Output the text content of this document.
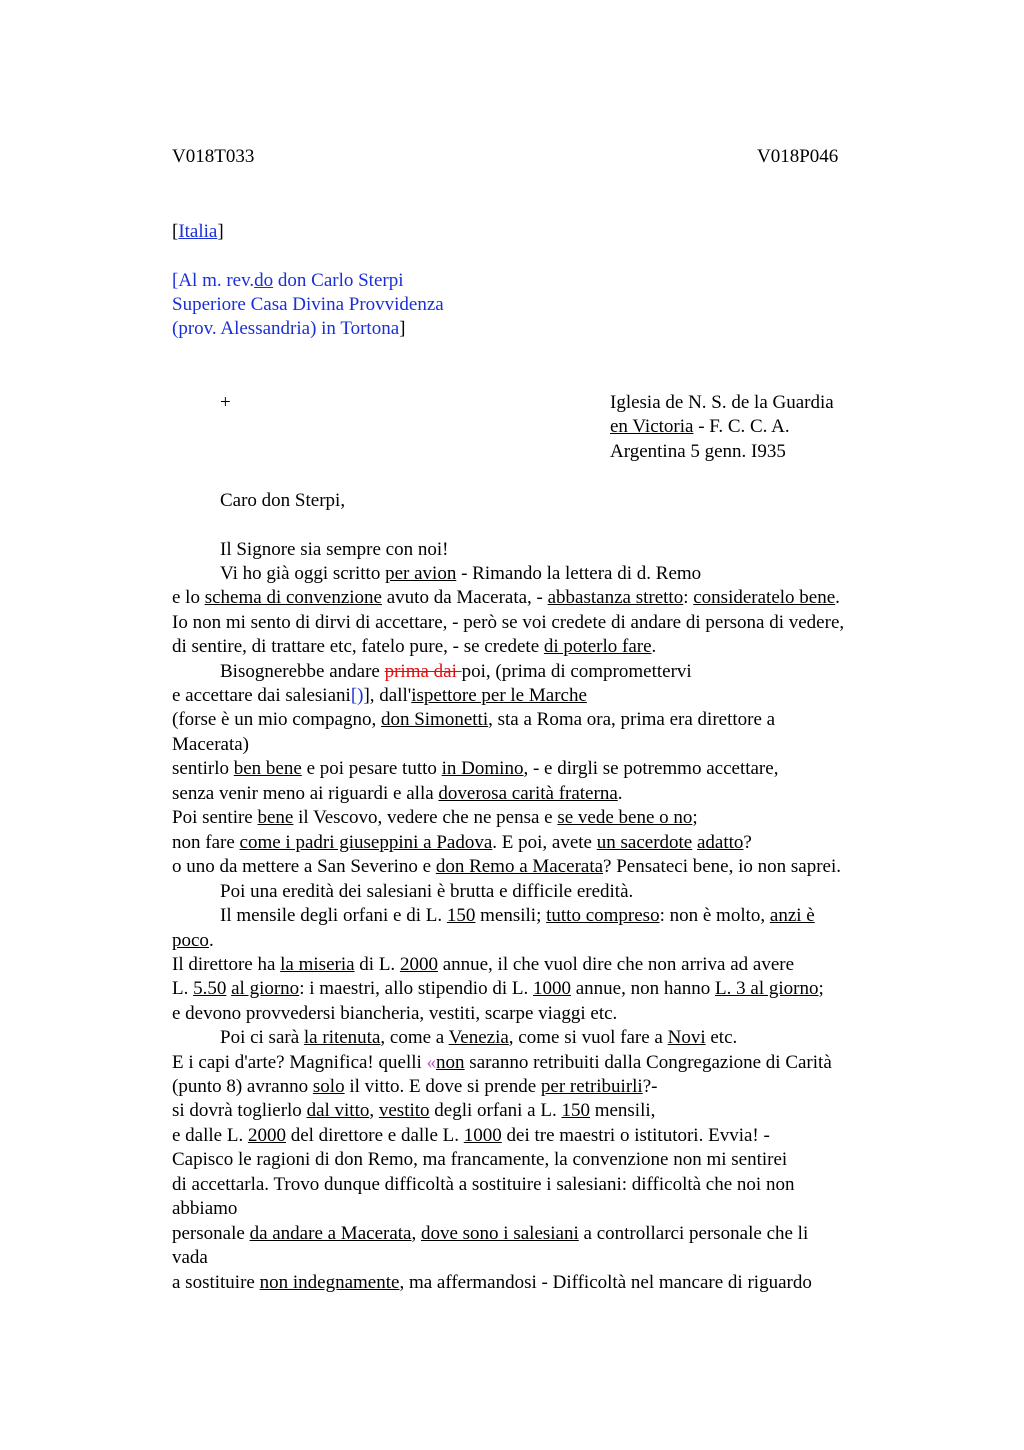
V018T033	V018P046
[Italia]
[Al m. rev.do don Carlo Sterpi
Superiore Casa Divina Provvidenza
(prov. Alessandria) in Tortona]
+	Iglesia de N. S. de la Guardia
en Victoria - F. C. C. A.
Argentina 5 genn. I935
Caro don Sterpi,
Il Signore sia sempre con noi!
Vi ho già oggi scritto per avion - Rimando la lettera di d. Remo
e lo schema di convenzione avuto da Macerata, - abbastanza stretto: consideratelo bene.
Io non mi sento di dirvi di accettare, - però se voi credete di andare di persona di vedere,
di sentire, di trattare etc, fatelo pure, - se credete di poterlo fare.
Bisognerebbe andare prima dai poi, (prima di compromettervi
e accettare dai salesiani[)], dall'ispettore per le Marche
(forse è un mio compagno, don Simonetti, sta a Roma ora, prima era direttore a
Macerata)
sentirlo ben bene e poi pesare tutto in Domino, - e dirgli se potremmo accettare,
senza venir meno ai riguardi e alla doverosa carità fraterna.
Poi sentire bene il Vescovo, vedere che ne pensa e se vede bene o no;
non fare come i padri giuseppini a Padova. E poi, avete un sacerdote adatto?
o uno da mettere a San Severino e don Remo a Macerata? Pensateci bene, io non saprei.
Poi una eredità dei salesiani è brutta e difficile eredità.
Il mensile degli orfani e di L. 150 mensili; tutto compreso: non è molto, anzi è
poco.
Il direttore ha la miseria di L. 2000 annue, il che vuol dire che non arriva ad avere
L. 5.50 al giorno: i maestri, allo stipendio di L. 1000 annue, non hanno L. 3 al giorno;
e devono provvedersi biancheria, vestiti, scarpe viaggi etc.
Poi ci sarà la ritenuta, come a Venezia, come si vuol fare a Novi etc.
E i capi d'arte? Magnifica! quelli «non saranno retribuiti dalla Congregazione di Carità
(punto 8) avranno solo il vitto. E dove si prende per retribuirli?-
si dovrà toglierlo dal vitto, vestito degli orfani a L. 150 mensili,
e dalle L. 2000 del direttore e dalle L. 1000 dei tre maestri o istitutori. Evvia! -
Capisco le ragioni di don Remo, ma francamente, la convenzione non mi sentirei
di accettarla. Trovo dunque difficoltà a sostituire i salesiani: difficoltà che noi non
abbiamo
personale da andare a Macerata, dove sono i salesiani a controllarci personale che li
vada
a sostituire non indegnamente, ma affermandosi - Difficoltà nel mancare di riguardo
